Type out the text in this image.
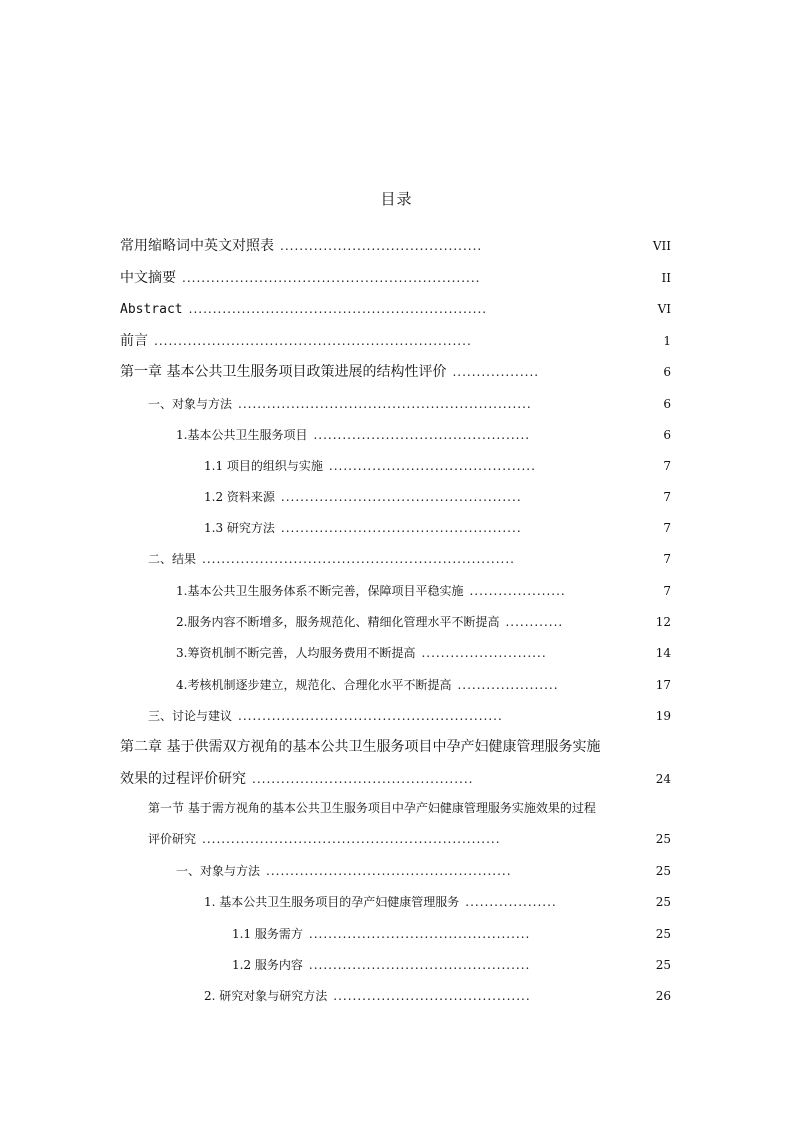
目录
常用缩略词中英文对照表 ..........................................	VII
中文摘要 ..............................................................	II
Abstract ..............................................................	VI
前言 ..................................................................	1
第一章 基本公共卫生服务项目政策进展的结构性评价 ..................	6
一、对象与方法 .............................................................	6
1.基本公共卫生服务项目 .............................................	6
1.1 项目的组织与实施 ...........................................	7
1.2 资料来源 ..................................................	7
1.3 研究方法 ..................................................	7
二、结果 .................................................................	7
1.基本公共卫生服务体系不断完善，保障项目平稳实施 ....................	7
2.服务内容不断增多，服务规范化、精细化管理水平不断提高 ............	12
3.筹资机制不断完善，人均服务费用不断提高 ..........................	14
4.考核机制逐步建立，规范化、合理化水平不断提高 .....................	17
三、讨论与建议 .......................................................	19
第二章 基于供需双方视角的基本公共卫生服务项目中孕产妇健康管理服务实施
效果的过程评价研究 ..............................................	24
第一节 基于需方视角的基本公共卫生服务项目中孕产妇健康管理服务实施效果的过程
评价研究 ..............................................................	25
一、对象与方法 ...................................................	25
1. 基本公共卫生服务项目的孕产妇健康管理服务 ...................	25
1.1 服务需方 ..............................................	25
1.2 服务内容 ..............................................	25
2. 研究对象与研究方法 .........................................	26
